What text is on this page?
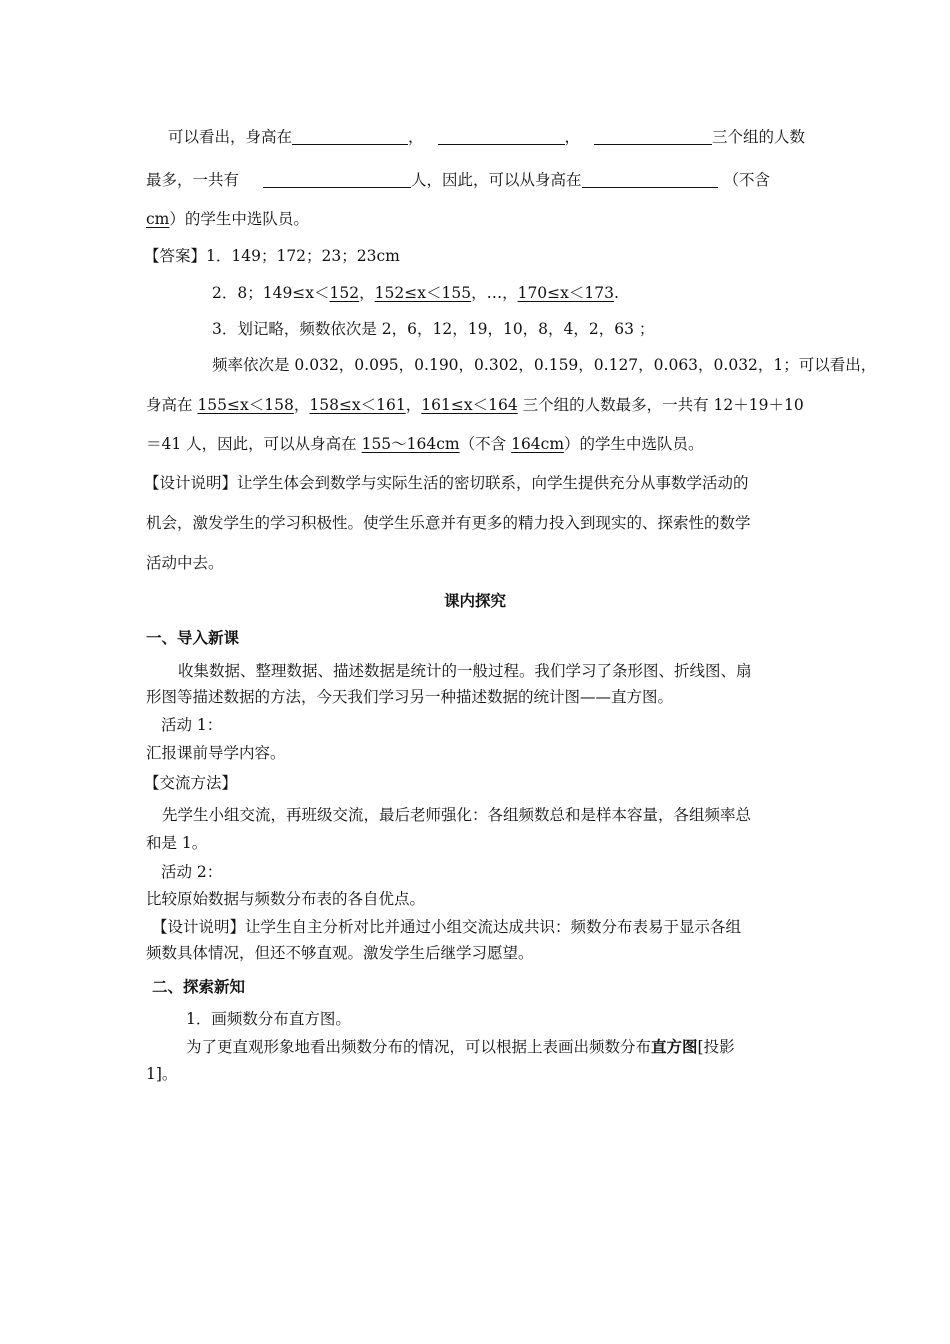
可以看出，身高在	，	，	三个组的人数
最多，一共有	人，因此，可以从身高在	（不含
cm）的学生中选队员。
【答案】1．149；172；23；23cm
2．8；149≤x＜152，152≤x＜155，…，170≤x＜173.
3．划记略，频数依次是 2，6，12，19，10，8，4，2，63 ；
频率依次是 0.032，0.095，0.190，0.302，0.159，0.127，0.063，0.032，1；可以看出，
身高在 155≤x＜158，158≤x＜161，161≤x＜164 三个组的人数最多，一共有 12＋19＋10
＝41 人，因此，可以从身高在 155～164cm（不含 164cm）的学生中选队员。
【设计说明】让学生体会到数学与实际生活的密切联系，向学生提供充分从事数学活动的
机会，激发学生的学习积极性。使学生乐意并有更多的精力投入到现实的、探索性的数学
活动中去。
课内探究
一、导入新课
收集数据、整理数据、描述数据是统计的一般过程。我们学习了条形图、折线图、扇
形图等描述数据的方法，今天我们学习另一种描述数据的统计图——直方图。
活动 1：
汇报课前导学内容。
【交流方法】
先学生小组交流，再班级交流，最后老师强化：各组频数总和是样本容量，各组频率总
和是 1。
活动 2：
比较原始数据与频数分布表的各自优点。
【设计说明】让学生自主分析对比并通过小组交流达成共识：频数分布表易于显示各组
频数具体情况，但还不够直观。激发学生后继学习愿望。
二、探索新知
1．画频数分布直方图。
为了更直观形象地看出频数分布的情况，可以根据上表画出频数分布直方图[投影
1]。
